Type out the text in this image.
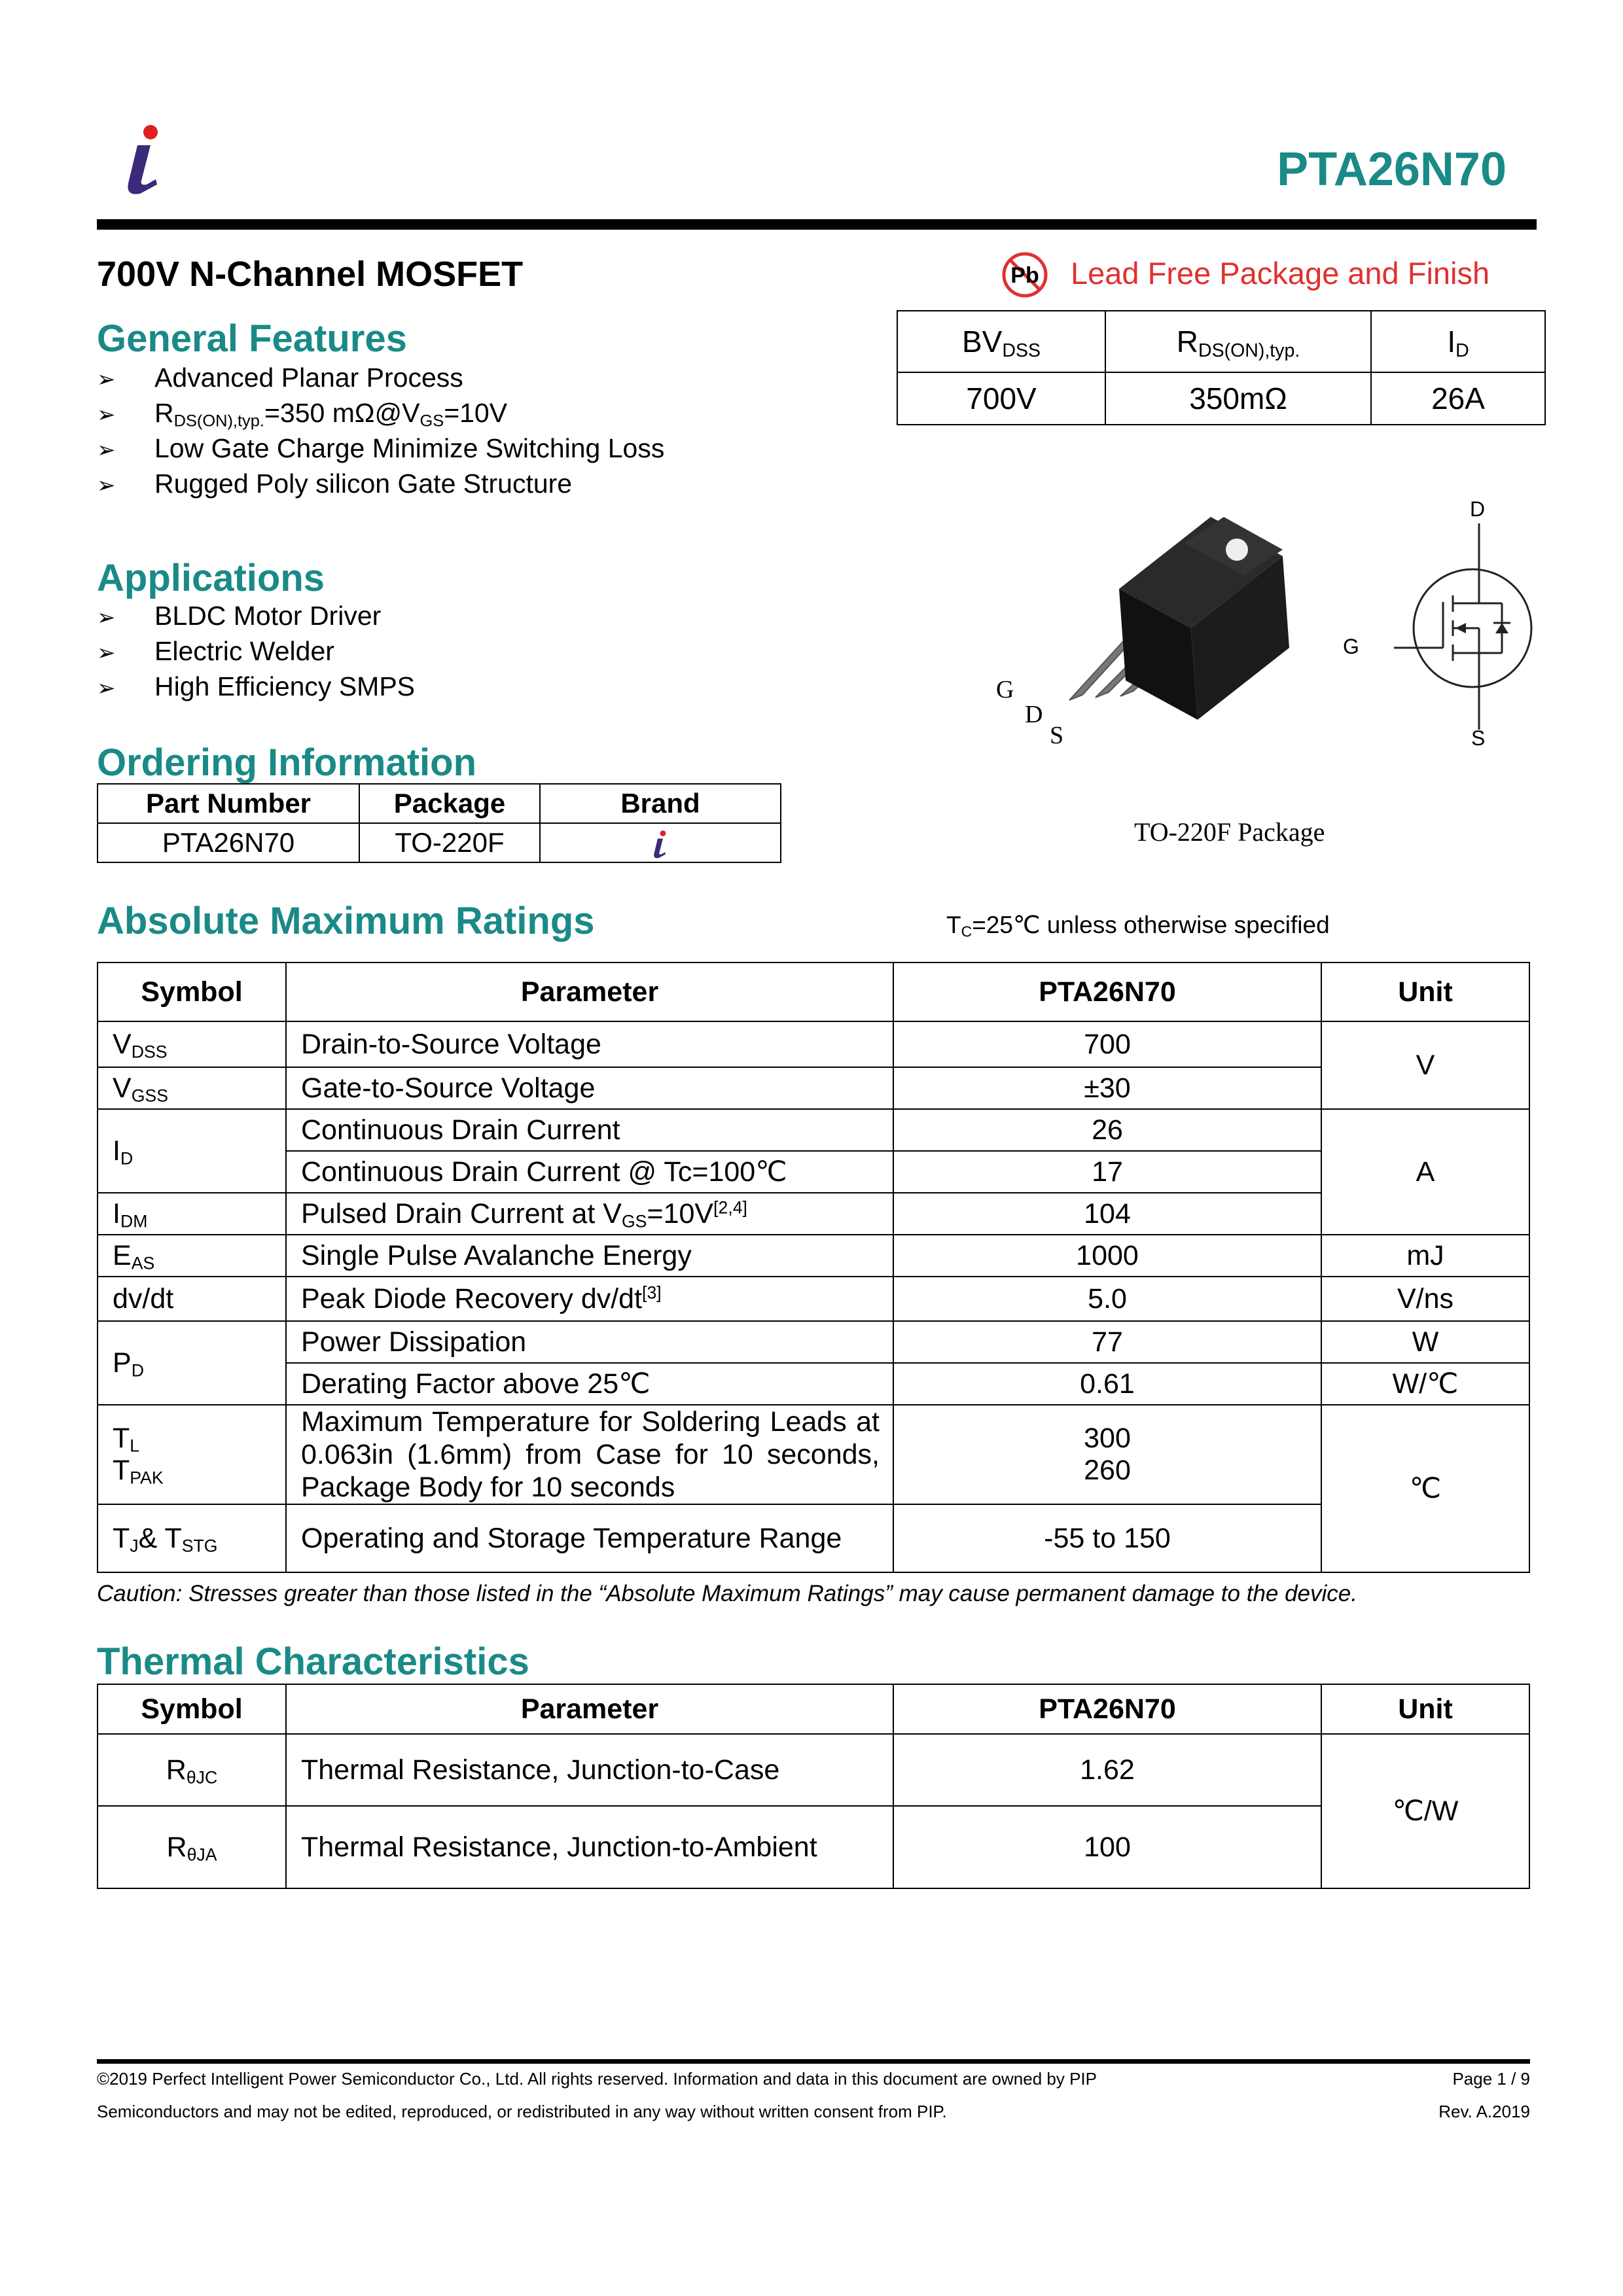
PTA26N70
700V N-Channel MOSFET	Pb Lead Free Package and Finish
$BV_{DSS}$	$R_{DS(ON),typ.}$	$I_D$
700V	350mΩ	26A
General Features
➢ Advanced Planar Process
➢ $R_{DS(ON),typ.}=350$ $m\Omega@V_{GS}=10V$
➢ Low Gate Charge Minimize Switching Loss
➢ Rugged Poly silicon Gate Structure
Applications
➢ BLDC Motor Driver
➢ Electric Welder
➢ High Efficiency SMPS	G
D
S
TO-220F Package
D
G
S
Ordering Information
Part Number	Package	Brand
PTA26N70	TO-220F	
Absolute Maximum Ratings	$T_C=25℃$ unless otherwise specified
Symbol	Parameter	PTA26N70	Unit
$V_{DSS}$	Drain-to-Source Voltage	700	V
$V_{GSS}$	Gate-to-Source Voltage	±30
$I_D$	Continuous Drain Current	26	A
Continuous Drain Current @ Tc=100℃	17
$I_{DM}$	Pulsed Drain Current at $V_{GS}=10V[2,4]$	104
$E_{AS}$	Single Pulse Avalanche Energy	1000	mJ
dv/dt	Peak Diode Recovery dv/dt[3]	5.0	V/ns
$P_D$	Power Dissipation	77	W
Derating Factor above 25℃	0.61	W/℃

$T_L$
$T_{PAK}$
	Maximum Temperature for Soldering Leads at 0.063in (1.6mm) from Case for 10 seconds, Package Body for 10 seconds	
300
260
	℃
$T_J\&$ $T_{STG}$	Operating and Storage Temperature Range	-55 to 150
Caution: Stresses greater than those listed in the “Absolute Maximum Ratings” may cause permanent damage to the device.
Thermal Characteristics
Symbol	Parameter	PTA26N70	Unit
$R_{\theta JC}$	Thermal Resistance, Junction-to-Case	1.62	℃/W
$R_{\theta JA}$	Thermal Resistance, Junction-to-Ambient	100
©2019 Perfect Intelligent Power Semiconductor Co., Ltd. All rights reserved. Information and data in this document are owned by PIP
Semiconductors and may not be edited, reproduced, or redistributed in any way without written consent from PIP.
Page 1 / 9
Rev. A.2019
